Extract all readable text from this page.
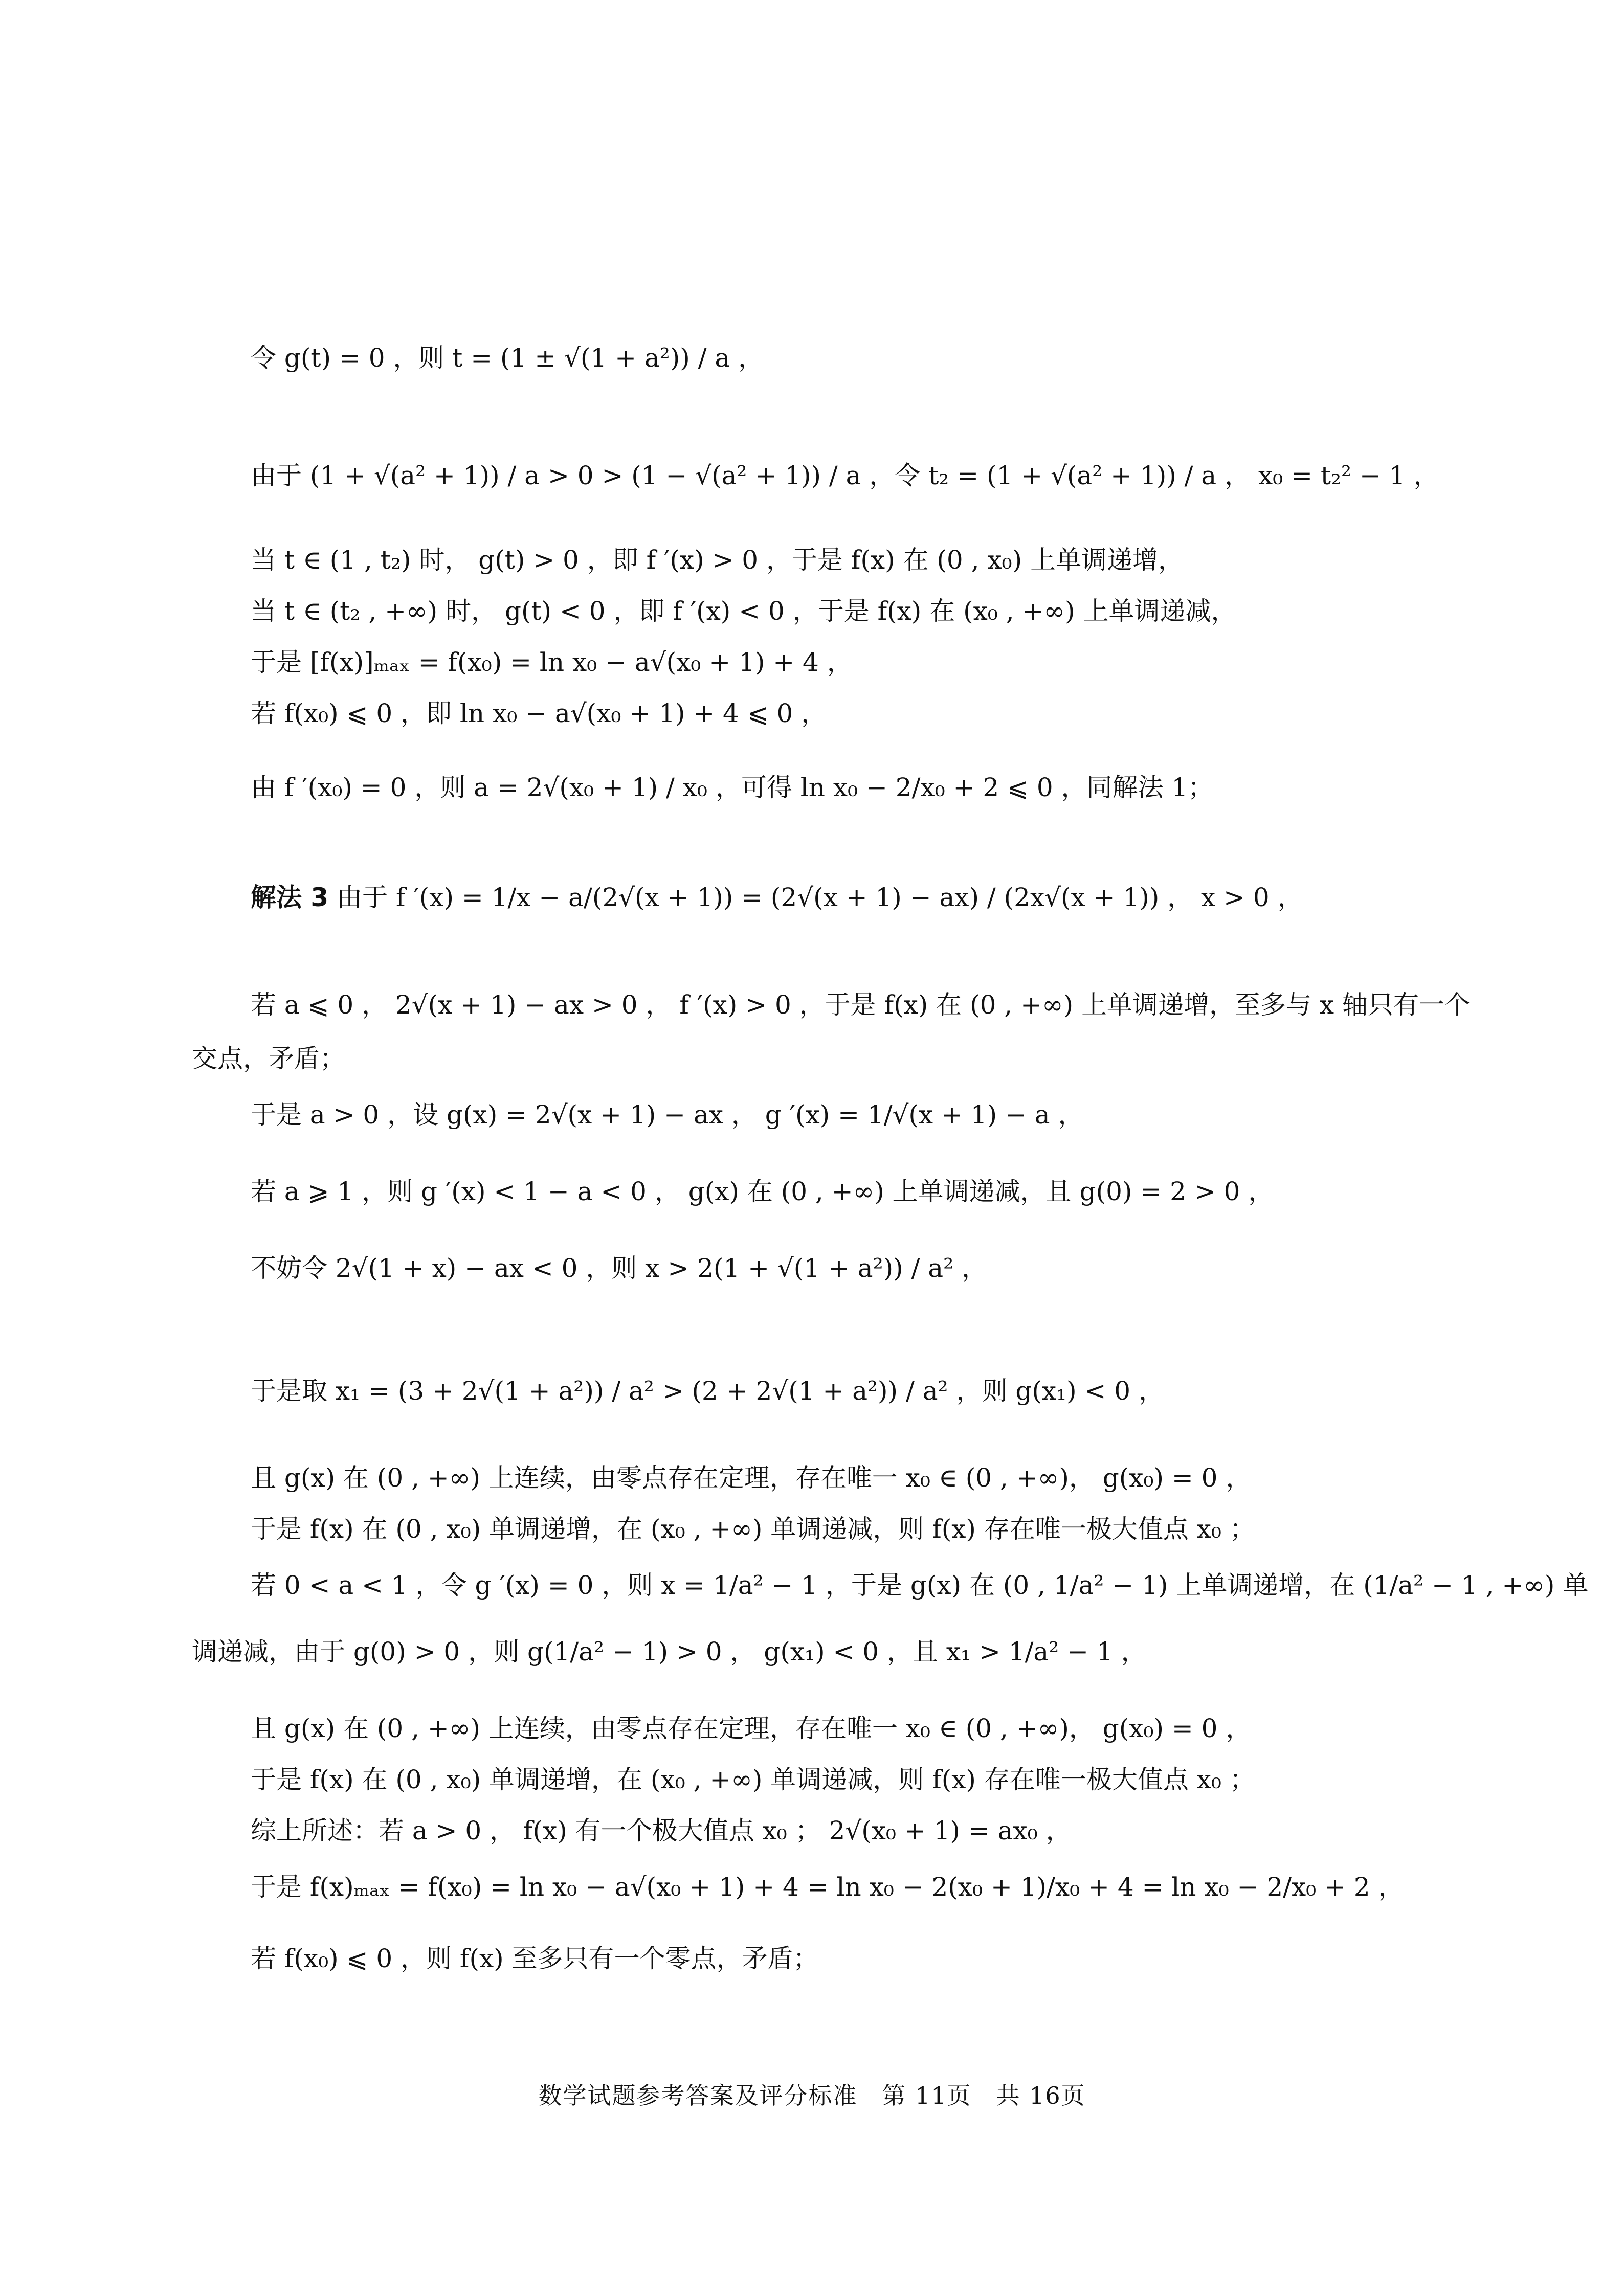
令 g(t) = 0 ，则 t = (1 ± √(1 + a²)) / a ，
由于 (1 + √(a² + 1)) / a > 0 > (1 − √(a² + 1)) / a ，令 t₂ = (1 + √(a² + 1)) / a ， x₀ = t₂² − 1 ，
当 t ∈ (1 , t₂) 时， g(t) > 0 ，即 f ′(x) > 0 ，于是 f(x) 在 (0 , x₀) 上单调递增，
当 t ∈ (t₂ , +∞) 时， g(t) < 0 ，即 f ′(x) < 0 ，于是 f(x) 在 (x₀ , +∞) 上单调递减，
于是 [f(x)]ₘₐₓ = f(x₀) = ln x₀ − a√(x₀ + 1) + 4 ，
若 f(x₀) ⩽ 0 ，即 ln x₀ − a√(x₀ + 1) + 4 ⩽ 0 ，
由 f ′(x₀) = 0 ，则 a = 2√(x₀ + 1) / x₀ ，可得 ln x₀ − 2/x₀ + 2 ⩽ 0 ，同解法 1；
解法 3 由于 f ′(x) = 1/x − a/(2√(x + 1)) = (2√(x + 1) − ax) / (2x√(x + 1)) ， x > 0 ，
若 a ⩽ 0 ， 2√(x + 1) − ax > 0 ， f ′(x) > 0 ，于是 f(x) 在 (0 , +∞) 上单调递增，至多与 x 轴只有一个
交点，矛盾；
于是 a > 0 ，设 g(x) = 2√(x + 1) − ax ， g ′(x) = 1/√(x + 1) − a ，
若 a ⩾ 1 ，则 g ′(x) < 1 − a < 0 ， g(x) 在 (0 , +∞) 上单调递减，且 g(0) = 2 > 0 ，
不妨令 2√(1 + x) − ax < 0 ，则 x > 2(1 + √(1 + a²)) / a² ，
于是取 x₁ = (3 + 2√(1 + a²)) / a² > (2 + 2√(1 + a²)) / a² ，则 g(x₁) < 0 ，
且 g(x) 在 (0 , +∞) 上连续，由零点存在定理，存在唯一 x₀ ∈ (0 , +∞)， g(x₀) = 0 ，
于是 f(x) 在 (0 , x₀) 单调递增，在 (x₀ , +∞) 单调递减，则 f(x) 存在唯一极大值点 x₀ ；
若 0 < a < 1 ，令 g ′(x) = 0 ，则 x = 1/a² − 1 ，于是 g(x) 在 (0 , 1/a² − 1) 上单调递增，在 (1/a² − 1 , +∞) 单
调递减，由于 g(0) > 0 ，则 g(1/a² − 1) > 0 ， g(x₁) < 0 ，且 x₁ > 1/a² − 1 ，
且 g(x) 在 (0 , +∞) 上连续，由零点存在定理，存在唯一 x₀ ∈ (0 , +∞)， g(x₀) = 0 ，
于是 f(x) 在 (0 , x₀) 单调递增，在 (x₀ , +∞) 单调递减，则 f(x) 存在唯一极大值点 x₀ ；
综上所述：若 a > 0 ， f(x) 有一个极大值点 x₀ ； 2√(x₀ + 1) = ax₀ ，
于是 f(x)ₘₐₓ = f(x₀) = ln x₀ − a√(x₀ + 1) + 4 = ln x₀ − 2(x₀ + 1)/x₀ + 4 = ln x₀ − 2/x₀ + 2 ，
若 f(x₀) ⩽ 0 ，则 f(x) 至多只有一个零点，矛盾；
数学试题参考答案及评分标准　第 11页　共 16页
